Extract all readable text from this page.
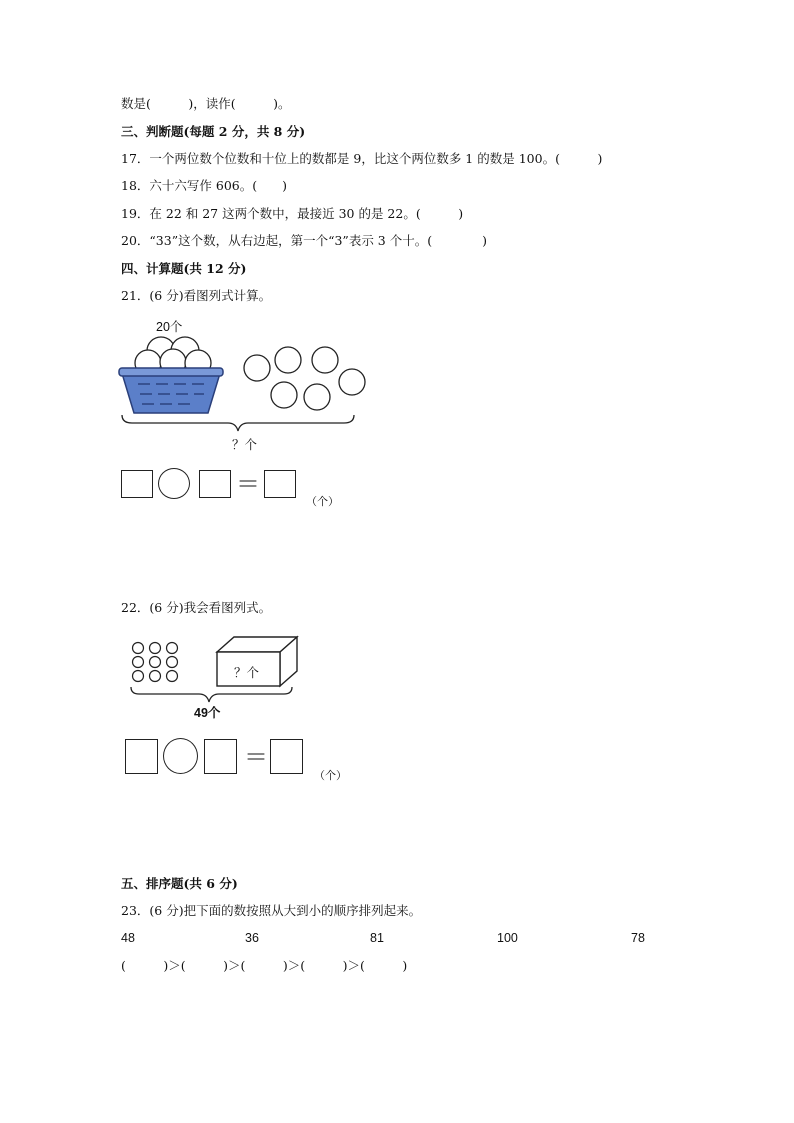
数是(　　　)，读作(　　　)。
三、判断题(每题 2 分，共 8 分)
17．一个两位数个位数和十位上的数都是 9，比这个两位数多 1 的数是 100。(　　　)
18．六十六写作 606。(　　)
19．在 22 和 27 这两个数中，最接近 30 的是 22。(　　　)
20．“33”这个数，从右边起，第一个“3”表示 3 个十。(　　　　)
四、计算题(共 12 分)
21．(6 分)看图列式计算。
20个
？个
＝
（个）
22．(6 分)我会看图列式。
？个
49个
＝
（个）
五、排序题(共 6 分)
23．(6 分)把下面的数按照从大到小的顺序排列起来。
48	36	81	100	78
(　　　)＞(　　　)＞(　　　)＞(　　　)＞(　　　)
